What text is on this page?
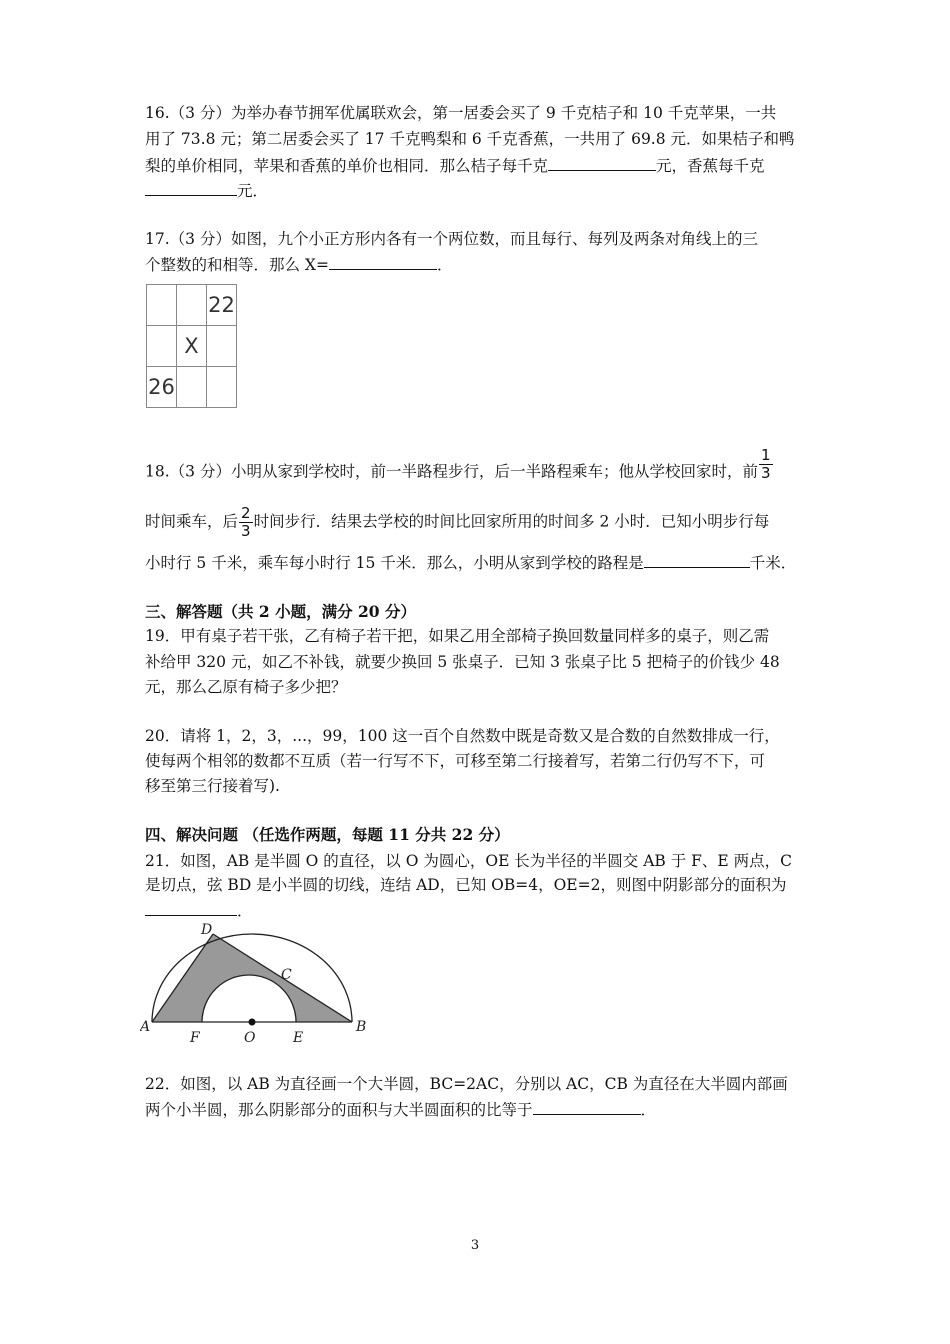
16.（3 分）为举办春节拥军优属联欢会，第一居委会买了 9 千克桔子和 10 千克苹果，一共
用了 73.8 元；第二居委会买了 17 千克鸭梨和 6 千克香蕉，一共用了 69.8 元．如果桔子和鸭
梨的单价相同，苹果和香蕉的单价也相同．那么桔子每千克	元，香蕉每千克
元．
17.（3 分）如图，九个小正方形内各有一个两位数，而且每行、每列及两条对角线上的三
个整数的和相等．那么 X=	．
		22
	X	
26		
18.（3 分）小明从家到学校时，前一半路程步行，后一半路程乘车；他从学校回家时，前 $\frac{1}{3}$
时间乘车，后 $\frac{2}{3}$ 时间步行．结果去学校的时间比回家所用的时间多 2 小时．已知小明步行每
小时行 5 千米，乘车每小时行 15 千米．那么，小明从家到学校的路程是	千米．
三、解答题（共 2 小题，满分 20 分）
19．甲有桌子若干张，乙有椅子若干把，如果乙用全部椅子换回数量同样多的桌子，则乙需
补给甲 320 元，如乙不补钱，就要少换回 5 张桌子．已知 3 张桌子比 5 把椅子的价钱少 48
元，那么乙原有椅子多少把？
20．请将 1，2，3，...，99，100 这一百个自然数中既是奇数又是合数的自然数排成一行，
使每两个相邻的数都不互质（若一行写不下，可移至第二行接着写，若第二行仍写不下，可
移至第三行接着写).
四、解决问题 （任选作两题，每题 11 分共 22 分）
21．如图，AB 是半圆 O 的直径，以 O 为圆心，OE 长为半径的半圆交 AB 于 F、E 两点，C
是切点，弦 BD 是小半圆的切线，连结 AD，已知 OB=4，OE=2，则图中阴影部分的面积为
．
A	B
C
D
E
F	O
22．如图，以 AB 为直径画一个大半圆，BC=2AC，分别以 AC，CB 为直径在大半圆内部画
两个小半圆，那么阴影部分的面积与大半圆面积的比等于	．
3
